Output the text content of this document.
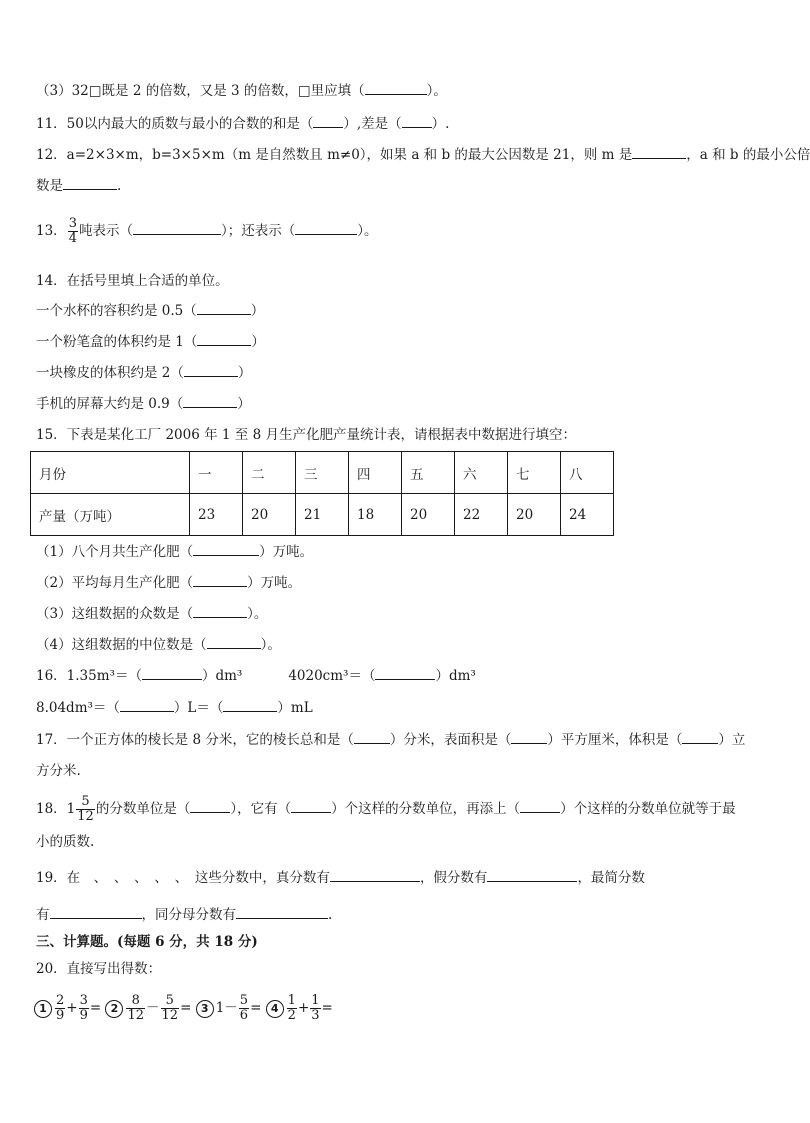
（3）32□既是 2 的倍数，又是 3 的倍数，□里应填（	）。
11．50以内最大的质数与最小的合数的和是（ ）,差是（ ）.
12．a=2×3×m，b=3×5×m（m 是自然数且 m≠0），如果 a 和 b 的最大公因数是 21，则 m 是	，a 和 b 的最小公倍
数是	.
13． $\frac{3}{4}$ 吨表示（	）；还表示（	）。
14．在括号里填上合适的单位。
一个水杯的容积约是 0.5（	）
一个粉笔盒的体积约是 1（	）
一块橡皮的体积约是 2（	）
手机的屏幕大约是 0.9（	）
15．下表是某化工厂 2006 年 1 至 8 月生产化肥产量统计表，请根据表中数据进行填空：
月份	一	二	三	四	五	六	七	八
产量（万吨）	23	20	21	18	20	22	20	24
（1）八个月共生产化肥（	）万吨。
（2）平均每月生产化肥（	）万吨。
（3）这组数据的众数是（	）。
（4）这组数据的中位数是（	）。
16．1.35m³＝（	）dm³	4020cm³＝（	）dm³
8.04dm³＝（	）L＝（	）mL
17．一个正方体的棱长是 8 分米，它的棱长总和是（	）分米，表面积是（	）平方厘米，体积是（	）立
方分米.
18．$1 \frac{5}{12}$ 的分数单位是（	），它有（	）个这样的分数单位，再添上（	）个这样的分数单位就等于最
小的质数.
19．在　、　、　、　、　、　这些分数中，真分数有	，假分数有	，最简分数
有	，同分母分数有	.
三、计算题。(每题 6 分，共 18 分)
20．直接写出得数：
$1 \frac{2}{9} + \frac{3}{9} = 2 \frac{8}{12} - \frac{5}{12} = 3$ $1- \frac{5}{6} = 4 \frac{1}{2} + \frac{1}{3}$ =
